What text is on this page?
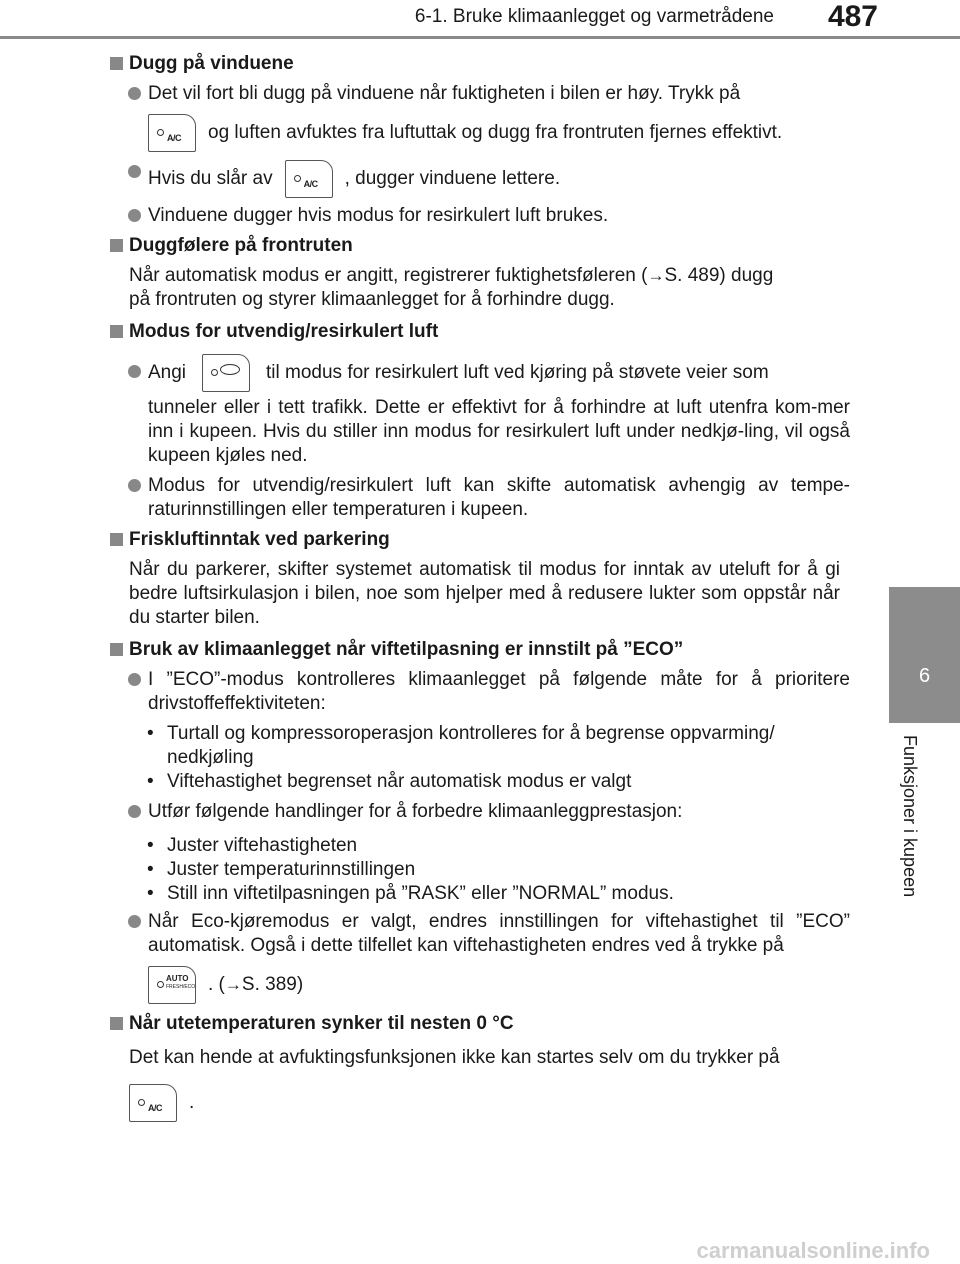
6-1. Bruke klimaanlegget og varmetrådene 487
6
Funksjoner i kupeen
Dugg på vinduene
Det vil fort bli dugg på vinduene når fuktigheten i bilen er høy. Trykk på
A/C og luften avfuktes fra luftuttak og dugg fra frontruten fjernes effektivt.
Hvis du slår av	A/C , dugger vinduene lettere.
Vinduene dugger hvis modus for resirkulert luft brukes.
Duggfølere på frontruten
Når automatisk modus er angitt, registrerer fuktighetsføleren (→S. 489) dugg
på frontruten og styrer klimaanlegget for å forhindre dugg.
Modus for utvendig/resirkulert luft
Angi	til modus for resirkulert luft ved kjøring på støvete veier som
tunneler eller i tett trafikk. Dette er effektivt for å forhindre at luft utenfra kom-mer inn i kupeen. Hvis du stiller inn modus for resirkulert luft under nedkjø-ling, vil også kupeen kjøles ned.
Modus for utvendig/resirkulert luft kan skifte automatisk avhengig av tempe-raturinnstillingen eller temperaturen i kupeen.
Friskluftinntak ved parkering
Når du parkerer, skifter systemet automatisk til modus for inntak av uteluft for å gi bedre luftsirkulasjon i bilen, noe som hjelper med å redusere lukter som oppstår når du starter bilen.
Bruk av klimaanlegget når viftetilpasning er innstilt på ”ECO”
I ”ECO”-modus kontrolleres klimaanlegget på følgende måte for å prioritere drivstoffeffektiviteten:
• Turtall og kompressoroperasjon kontrolleres for å begrense oppvarming/ nedkjøling
• Viftehastighet begrenset når automatisk modus er valgt
Utfør følgende handlinger for å forbedre klimaanleggprestasjon:
• Juster viftehastigheten
• Juster temperaturinnstillingen
• Still inn viftetilpasningen på ”RASK” eller ”NORMAL” modus.
Når Eco-kjøremodus er valgt, endres innstillingen for viftehastighet til ”ECO” automatisk. Også i dette tilfellet kan viftehastigheten endres ved å trykke på
AUTO
FRESH/ECO . ( → S. 389)
Når utetemperaturen synker til nesten 0 °C
Det kan hende at avfuktingsfunksjonen ikke kan startes selv om du trykker på
A/C .
carmanualsonline.info
